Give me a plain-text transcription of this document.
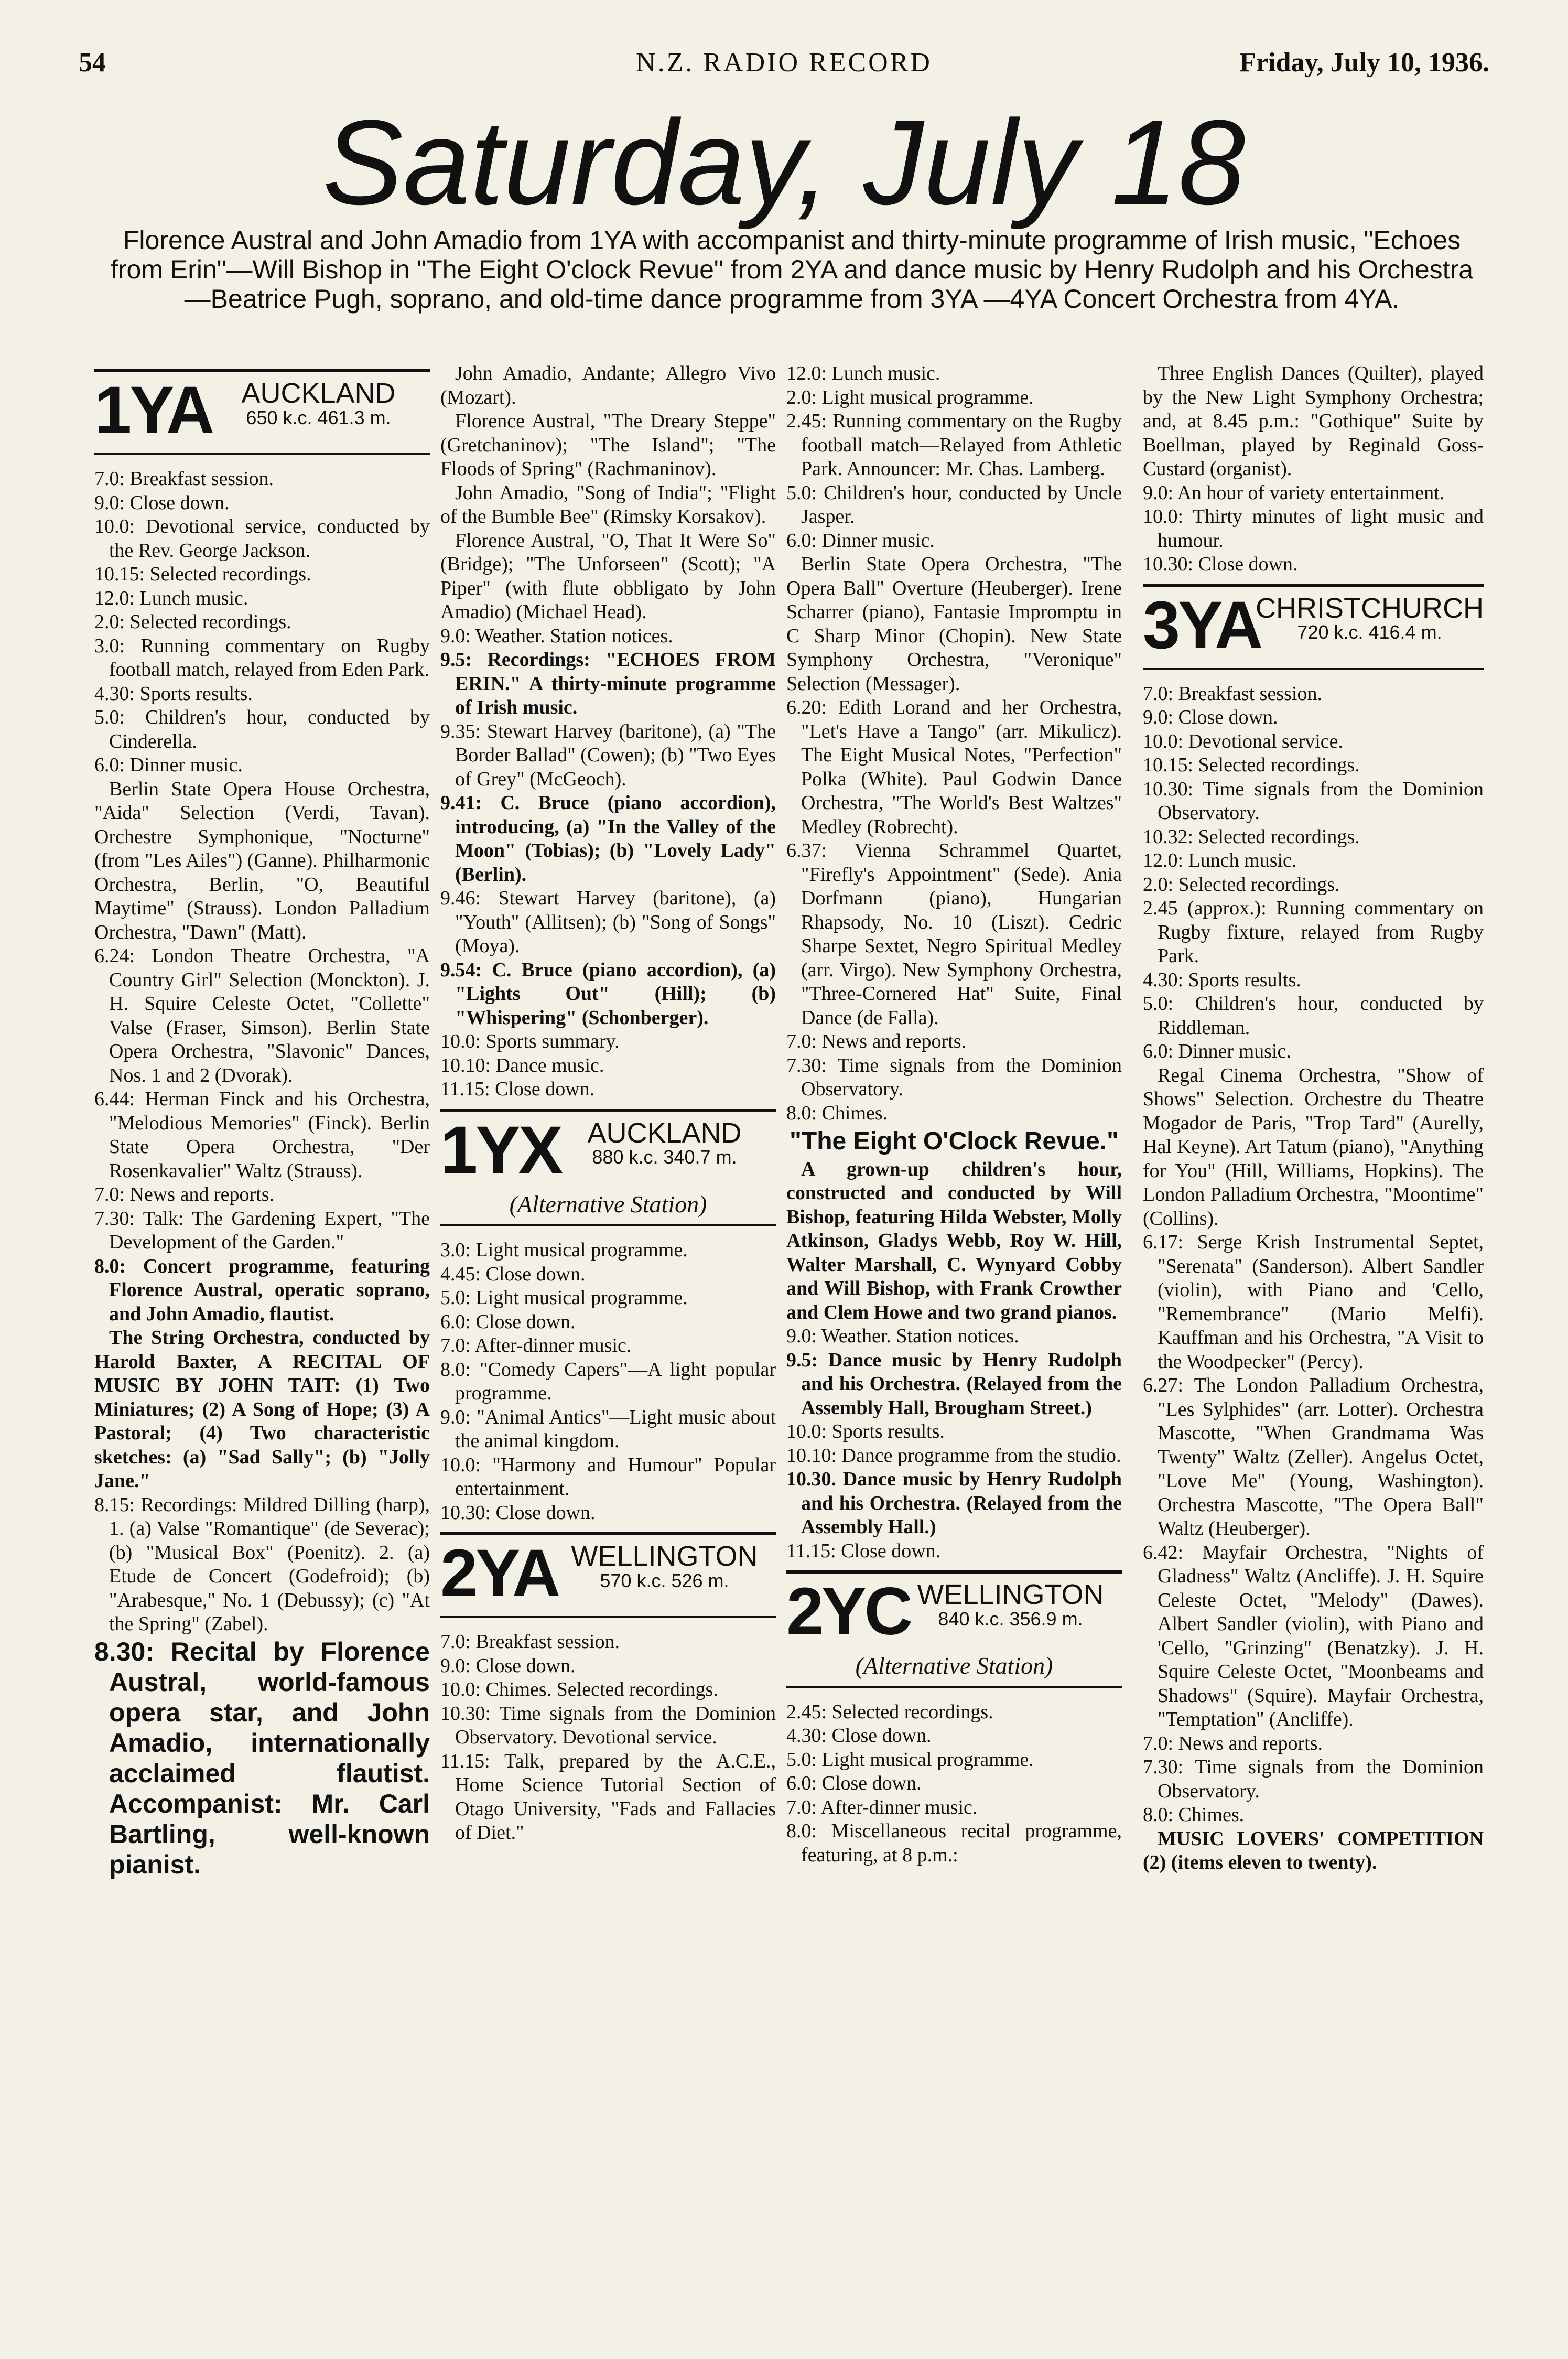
54	N.Z. RADIO RECORD	Friday, July 10, 1936.
Saturday, July 18
Florence Austral and John Amadio from 1YA with accompanist and thirty-minute programme of Irish music, "Echoes from Erin"—Will Bishop in "The Eight O'clock Revue" from 2YA and dance music by Henry Rudolph and his Orchestra—Beatrice Pugh, soprano, and old-time dance programme from 3YA —4YA Concert Orchestra from 4YA.
1YA	AUCKLAND
650 k.c. 461.3 m.

7.0: Breakfast session.

9.0: Close down.

10.0: Devotional service, conducted by the Rev. George Jackson.

10.15: Selected recordings.

12.0: Lunch music.

2.0: Selected recordings.

3.0: Running commentary on Rugby football match, relayed from Eden Park.

4.30: Sports results.

5.0: Children's hour, conducted by Cinderella.

6.0: Dinner music.

Berlin State Opera House Orchestra, "Aida" Selection (Verdi, Tavan). Orchestre Symphonique, "Nocturne" (from "Les Ailes") (Ganne). Philharmonic Orchestra, Berlin, "O, Beautiful Maytime" (Strauss). London Palladium Orchestra, "Dawn" (Matt).

6.24: London Theatre Orchestra, "A Country Girl" Selection (Monckton). J. H. Squire Celeste Octet, "Collette" Valse (Fraser, Simson). Berlin State Opera Orchestra, "Slavonic" Dances, Nos. 1 and 2 (Dvorak).

6.44: Herman Finck and his Orchestra, "Melodious Memories" (Finck). Berlin State Opera Orchestra, "Der Rosenkavalier" Waltz (Strauss).

7.0: News and reports.

7.30: Talk: The Gardening Expert, "The Development of the Garden."

8.0: Concert programme, featuring Florence Austral, operatic soprano, and John Amadio, flautist.

The String Orchestra, conducted by Harold Baxter, A RECITAL OF MUSIC BY JOHN TAIT: (1) Two Miniatures; (2) A Song of Hope; (3) A Pastoral; (4) Two characteristic sketches: (a) "Sad Sally"; (b) "Jolly Jane."

8.15: Recordings: Mildred Dilling (harp), 1. (a) Valse "Romantique" (de Severac); (b) "Musical Box" (Poenitz). 2. (a) Etude de Concert (Godefroid); (b) "Arabesque," No. 1 (Debussy); (c) "At the Spring" (Zabel).

8.30: Recital by Florence Austral, world-famous opera star, and John Amadio, internationally acclaimed flautist. Accompanist: Mr. Carl Bartling, well-known pianist.

John Amadio, Andante; Allegro Vivo (Mozart).

Florence Austral, "The Dreary Steppe" (Gretchaninov); "The Island"; "The Floods of Spring" (Rachmaninov).

John Amadio, "Song of India"; "Flight of the Bumble Bee" (Rimsky Korsakov).

Florence Austral, "O, That It Were So" (Bridge); "The Unforseen" (Scott); "A Piper" (with flute obbligato by John Amadio) (Michael Head).

9.0: Weather. Station notices.

9.5: Recordings: "ECHOES FROM ERIN." A thirty-minute programme of Irish music.

9.35: Stewart Harvey (baritone), (a) "The Border Ballad" (Cowen); (b) "Two Eyes of Grey" (McGeoch).

9.41: C. Bruce (piano accordion), introducing, (a) "In the Valley of the Moon" (Tobias); (b) "Lovely Lady" (Berlin).

9.46: Stewart Harvey (baritone), (a) "Youth" (Allitsen); (b) "Song of Songs" (Moya).

9.54: C. Bruce (piano accordion), (a) "Lights Out" (Hill); (b) "Whispering" (Schonberger).

10.0: Sports summary.

10.10: Dance music.

11.15: Close down.

1YX AUCKLAND
880 k.c. 340.7 m.
(Alternative Station)

3.0: Light musical programme.

4.45: Close down.

5.0: Light musical programme.

6.0: Close down.

7.0: After-dinner music.

8.0: "Comedy Capers"—A light popular programme.

9.0: "Animal Antics"—Light music about the animal kingdom.

10.0: "Harmony and Humour" Popular entertainment.

10.30: Close down.

2YA WELLINGTON
570 k.c. 526 m.

7.0: Breakfast session.

9.0: Close down.

10.0: Chimes. Selected recordings.

10.30: Time signals from the Dominion Observatory. Devotional service.

11.15: Talk, prepared by the A.C.E., Home Science Tutorial Section of Otago University, "Fads and Fallacies of Diet."

12.0: Lunch music.

2.0: Light musical programme.

2.45: Running commentary on the Rugby football match—Relayed from Athletic Park. Announcer: Mr. Chas. Lamberg.

5.0: Children's hour, conducted by Uncle Jasper.

6.0: Dinner music.

Berlin State Opera Orchestra, "The Opera Ball" Overture (Heuberger). Irene Scharrer (piano), Fantasie Impromptu in C Sharp Minor (Chopin). New State Symphony Orchestra, "Veronique" Selection (Messager).

6.20: Edith Lorand and her Orchestra, "Let's Have a Tango" (arr. Mikulicz). The Eight Musical Notes, "Perfection" Polka (White). Paul Godwin Dance Orchestra, "The World's Best Waltzes" Medley (Robrecht).

6.37: Vienna Schrammel Quartet, "Firefly's Appointment" (Sede). Ania Dorfmann (piano), Hungarian Rhapsody, No. 10 (Liszt). Cedric Sharpe Sextet, Negro Spiritual Medley (arr. Virgo). New Symphony Orchestra, "Three-Cornered Hat" Suite, Final Dance (de Falla).

7.0: News and reports.

7.30: Time signals from the Dominion Observatory.

8.0: Chimes.

"The Eight O'Clock Revue."

A grown-up children's hour, constructed and conducted by Will Bishop, featuring Hilda Webster, Molly Atkinson, Gladys Webb, Roy W. Hill, Walter Marshall, C. Wynyard Cobby and Will Bishop, with Frank Crowther and Clem Howe and two grand pianos.

9.0: Weather. Station notices.

9.5: Dance music by Henry Rudolph and his Orchestra. (Relayed from the Assembly Hall, Brougham Street.)

10.0: Sports results.

10.10: Dance programme from the studio.

10.30. Dance music by Henry Rudolph and his Orchestra. (Relayed from the Assembly Hall.)

11.15: Close down.

2YC WELLINGTON
840 k.c. 356.9 m.
(Alternative Station)

2.45: Selected recordings.

4.30: Close down.

5.0: Light musical programme.

6.0: Close down.

7.0: After-dinner music.

8.0: Miscellaneous recital programme, featuring, at 8 p.m.:

Three English Dances (Quilter), played by the New Light Symphony Orchestra; and, at 8.45 p.m.: "Gothique" Suite by Boellman, played by Reginald Goss-Custard (organist).

9.0: An hour of variety entertainment.

10.0: Thirty minutes of light music and humour.

10.30: Close down.

3YA
CHRISTCHURCH
720 k.c. 416.4 m.

7.0: Breakfast session.

9.0: Close down.

10.0: Devotional service.

10.15: Selected recordings.

10.30: Time signals from the Dominion Observatory.

10.32: Selected recordings.

12.0: Lunch music.

2.0: Selected recordings.

2.45 (approx.): Running commentary on Rugby fixture, relayed from Rugby Park.

4.30: Sports results.

5.0: Children's hour, conducted by Riddleman.

6.0: Dinner music.

Regal Cinema Orchestra, "Show of Shows" Selection. Orchestre du Theatre Mogador de Paris, "Trop Tard" (Aurelly, Hal Keyne). Art Tatum (piano), "Anything for You" (Hill, Williams, Hopkins). The London Palladium Orchestra, "Moontime" (Collins).

6.17: Serge Krish Instrumental Septet, "Serenata" (Sanderson). Albert Sandler (violin), with Piano and 'Cello, "Remembrance" (Mario Melfi). Kauffman and his Orchestra, "A Visit to the Woodpecker" (Percy).

6.27: The London Palladium Orchestra, "Les Sylphides" (arr. Lotter). Orchestra Mascotte, "When Grandmama Was Twenty" Waltz (Zeller). Angelus Octet, "Love Me" (Young, Washington). Orchestra Mascotte, "The Opera Ball" Waltz (Heuberger).

6.42: Mayfair Orchestra, "Nights of Gladness" Waltz (Ancliffe). J. H. Squire Celeste Octet, "Melody" (Dawes). Albert Sandler (violin), with Piano and 'Cello, "Grinzing" (Benatzky). J. H. Squire Celeste Octet, "Moonbeams and Shadows" (Squire). Mayfair Orchestra, "Temptation" (Ancliffe).

7.0: News and reports.

7.30: Time signals from the Dominion Observatory.

8.0: Chimes.

MUSIC LOVERS' COMPETITION (2) (items eleven to twenty).
